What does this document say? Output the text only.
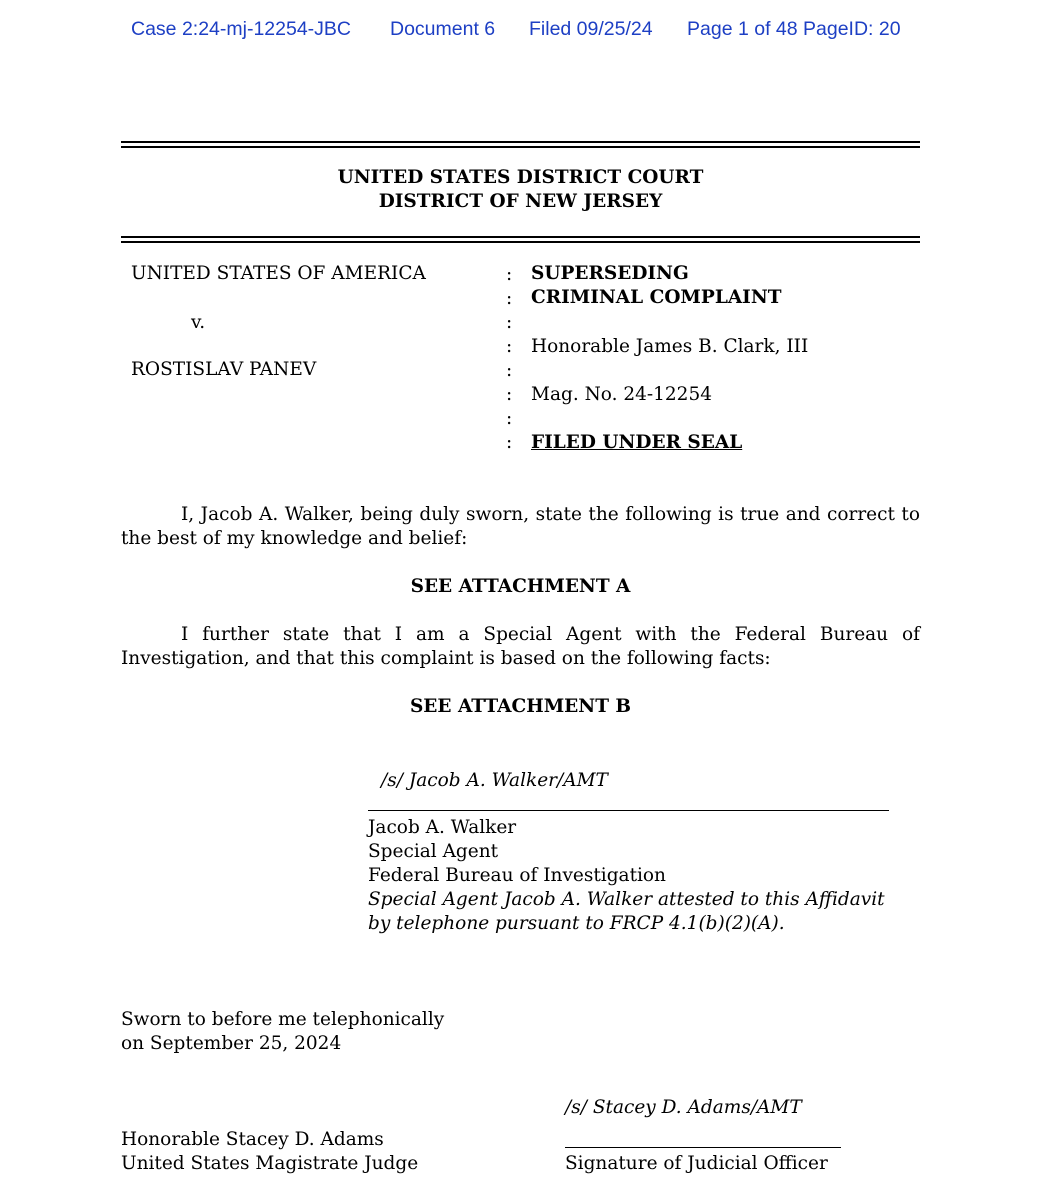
Case 2:24-mj-12254-JBC Document 6 Filed 09/25/24 Page 1 of 48 PageID: 20
UNITED STATES DISTRICT COURT
DISTRICT OF NEW JERSEY
UNITED STATES OF AMERICA
v.
ROSTISLAV PANEV
:
:
:
:
:
:
:
:
SUPERSEDING
CRIMINAL COMPLAINT
Honorable James B. Clark, III
Mag. No. 24-12254
FILED UNDER SEAL
I, Jacob A. Walker, being duly sworn, state the following is true and correct to the best of my knowledge and belief:
SEE ATTACHMENT A
I further state that I am a Special Agent with the Federal Bureau of Investigation, and that this complaint is based on the following facts:
SEE ATTACHMENT B
/s/ Jacob A. Walker/AMT
Jacob A. Walker
Special Agent
Federal Bureau of Investigation
Special Agent Jacob A. Walker attested to this Affidavit
by telephone pursuant to FRCP 4.1(b)(2)(A).
Sworn to before me telephonically
on September 25, 2024
/s/ Stacey D. Adams/AMT
Signature of Judicial Officer
Honorable Stacey D. Adams
United States Magistrate Judge
